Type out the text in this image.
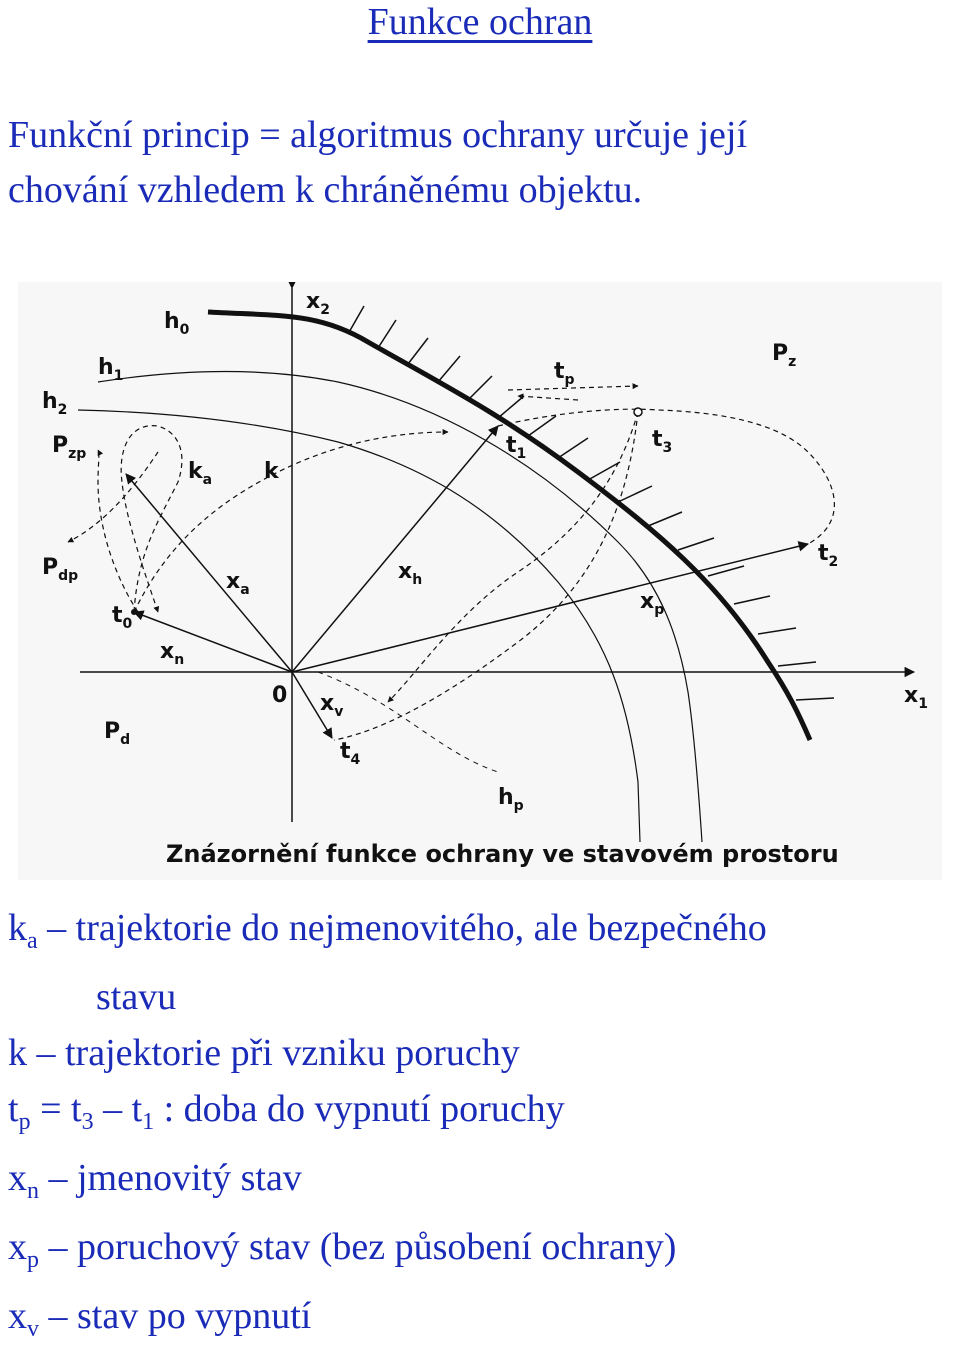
Funkce ochran
Funkční princip = algoritmus ochrany určuje její
chování vzhledem k chráněnému objektu.
$h_0$
$h_1$
$h_2$
$P_{zp}$
$P_{dp}$
$P_d$
$P_z$
$k_a$ k
$x_2$
$x_1$
0
$x_a$
$x_h$
$x_n$
$x_p$
$x_v$
$t_0$
$t_1$
$t_2$
$t_3$
$t_4$
$t_p$
$h_p$
Znázornění funkce ochrany ve stavovém prostoru
$k_a$ – trajektorie do nejmenovitého, ale bezpečného
stavu
k – trajektorie při vzniku poruchy
$t_p = t_3 - t_1$ : doba do vypnutí poruchy
$x_n$ – jmenovitý stav
$x_p$ – poruchový stav (bez působení ochrany)
$x_v$ – stav po vypnutí
